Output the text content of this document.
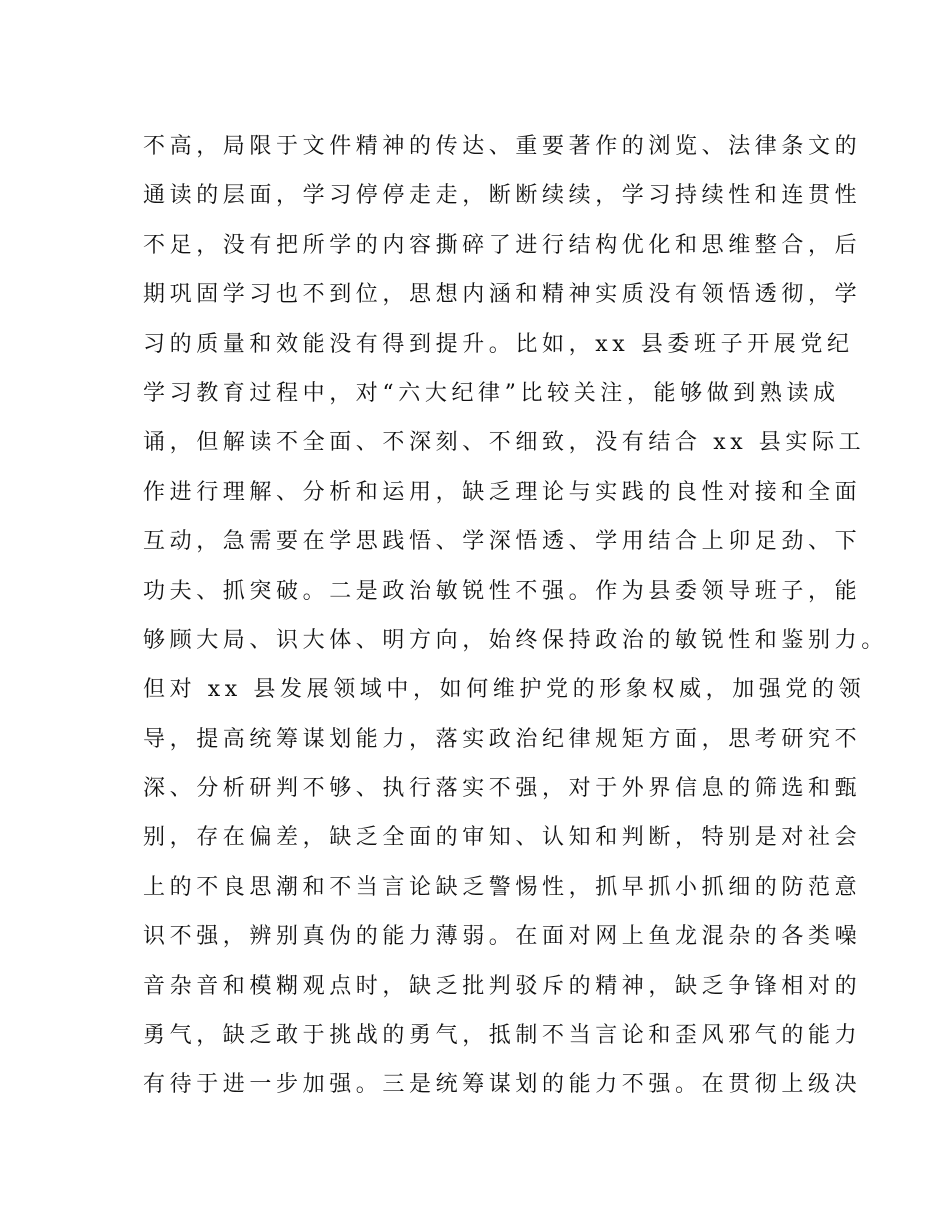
不高，局限于文件精神的传达、重要著作的浏览、法律条文的
通读的层面，学习停停走走，断断续续，学习持续性和连贯性
不足，没有把所学的内容撕碎了进行结构优化和思维整合，后
期巩固学习也不到位，思想内涵和精神实质没有领悟透彻，学
习的质量和效能没有得到提升。比如，xx 县委班子开展党纪
学习教育过程中，对“六大纪律”比较关注，能够做到熟读成
诵，但解读不全面、不深刻、不细致，没有结合 xx 县实际工
作进行理解、分析和运用，缺乏理论与实践的良性对接和全面
互动，急需要在学思践悟、学深悟透、学用结合上卯足劲、下
功夫、抓突破。二是政治敏锐性不强。作为县委领导班子，能
够顾大局、识大体、明方向，始终保持政治的敏锐性和鉴别力。
但对 xx 县发展领域中，如何维护党的形象权威，加强党的领
导，提高统筹谋划能力，落实政治纪律规矩方面，思考研究不
深、分析研判不够、执行落实不强，对于外界信息的筛选和甄
别，存在偏差，缺乏全面的审知、认知和判断，特别是对社会
上的不良思潮和不当言论缺乏警惕性，抓早抓小抓细的防范意
识不强，辨别真伪的能力薄弱。在面对网上鱼龙混杂的各类噪
音杂音和模糊观点时，缺乏批判驳斥的精神，缺乏争锋相对的
勇气，缺乏敢于挑战的勇气，抵制不当言论和歪风邪气的能力
有待于进一步加强。三是统筹谋划的能力不强。在贯彻上级决
